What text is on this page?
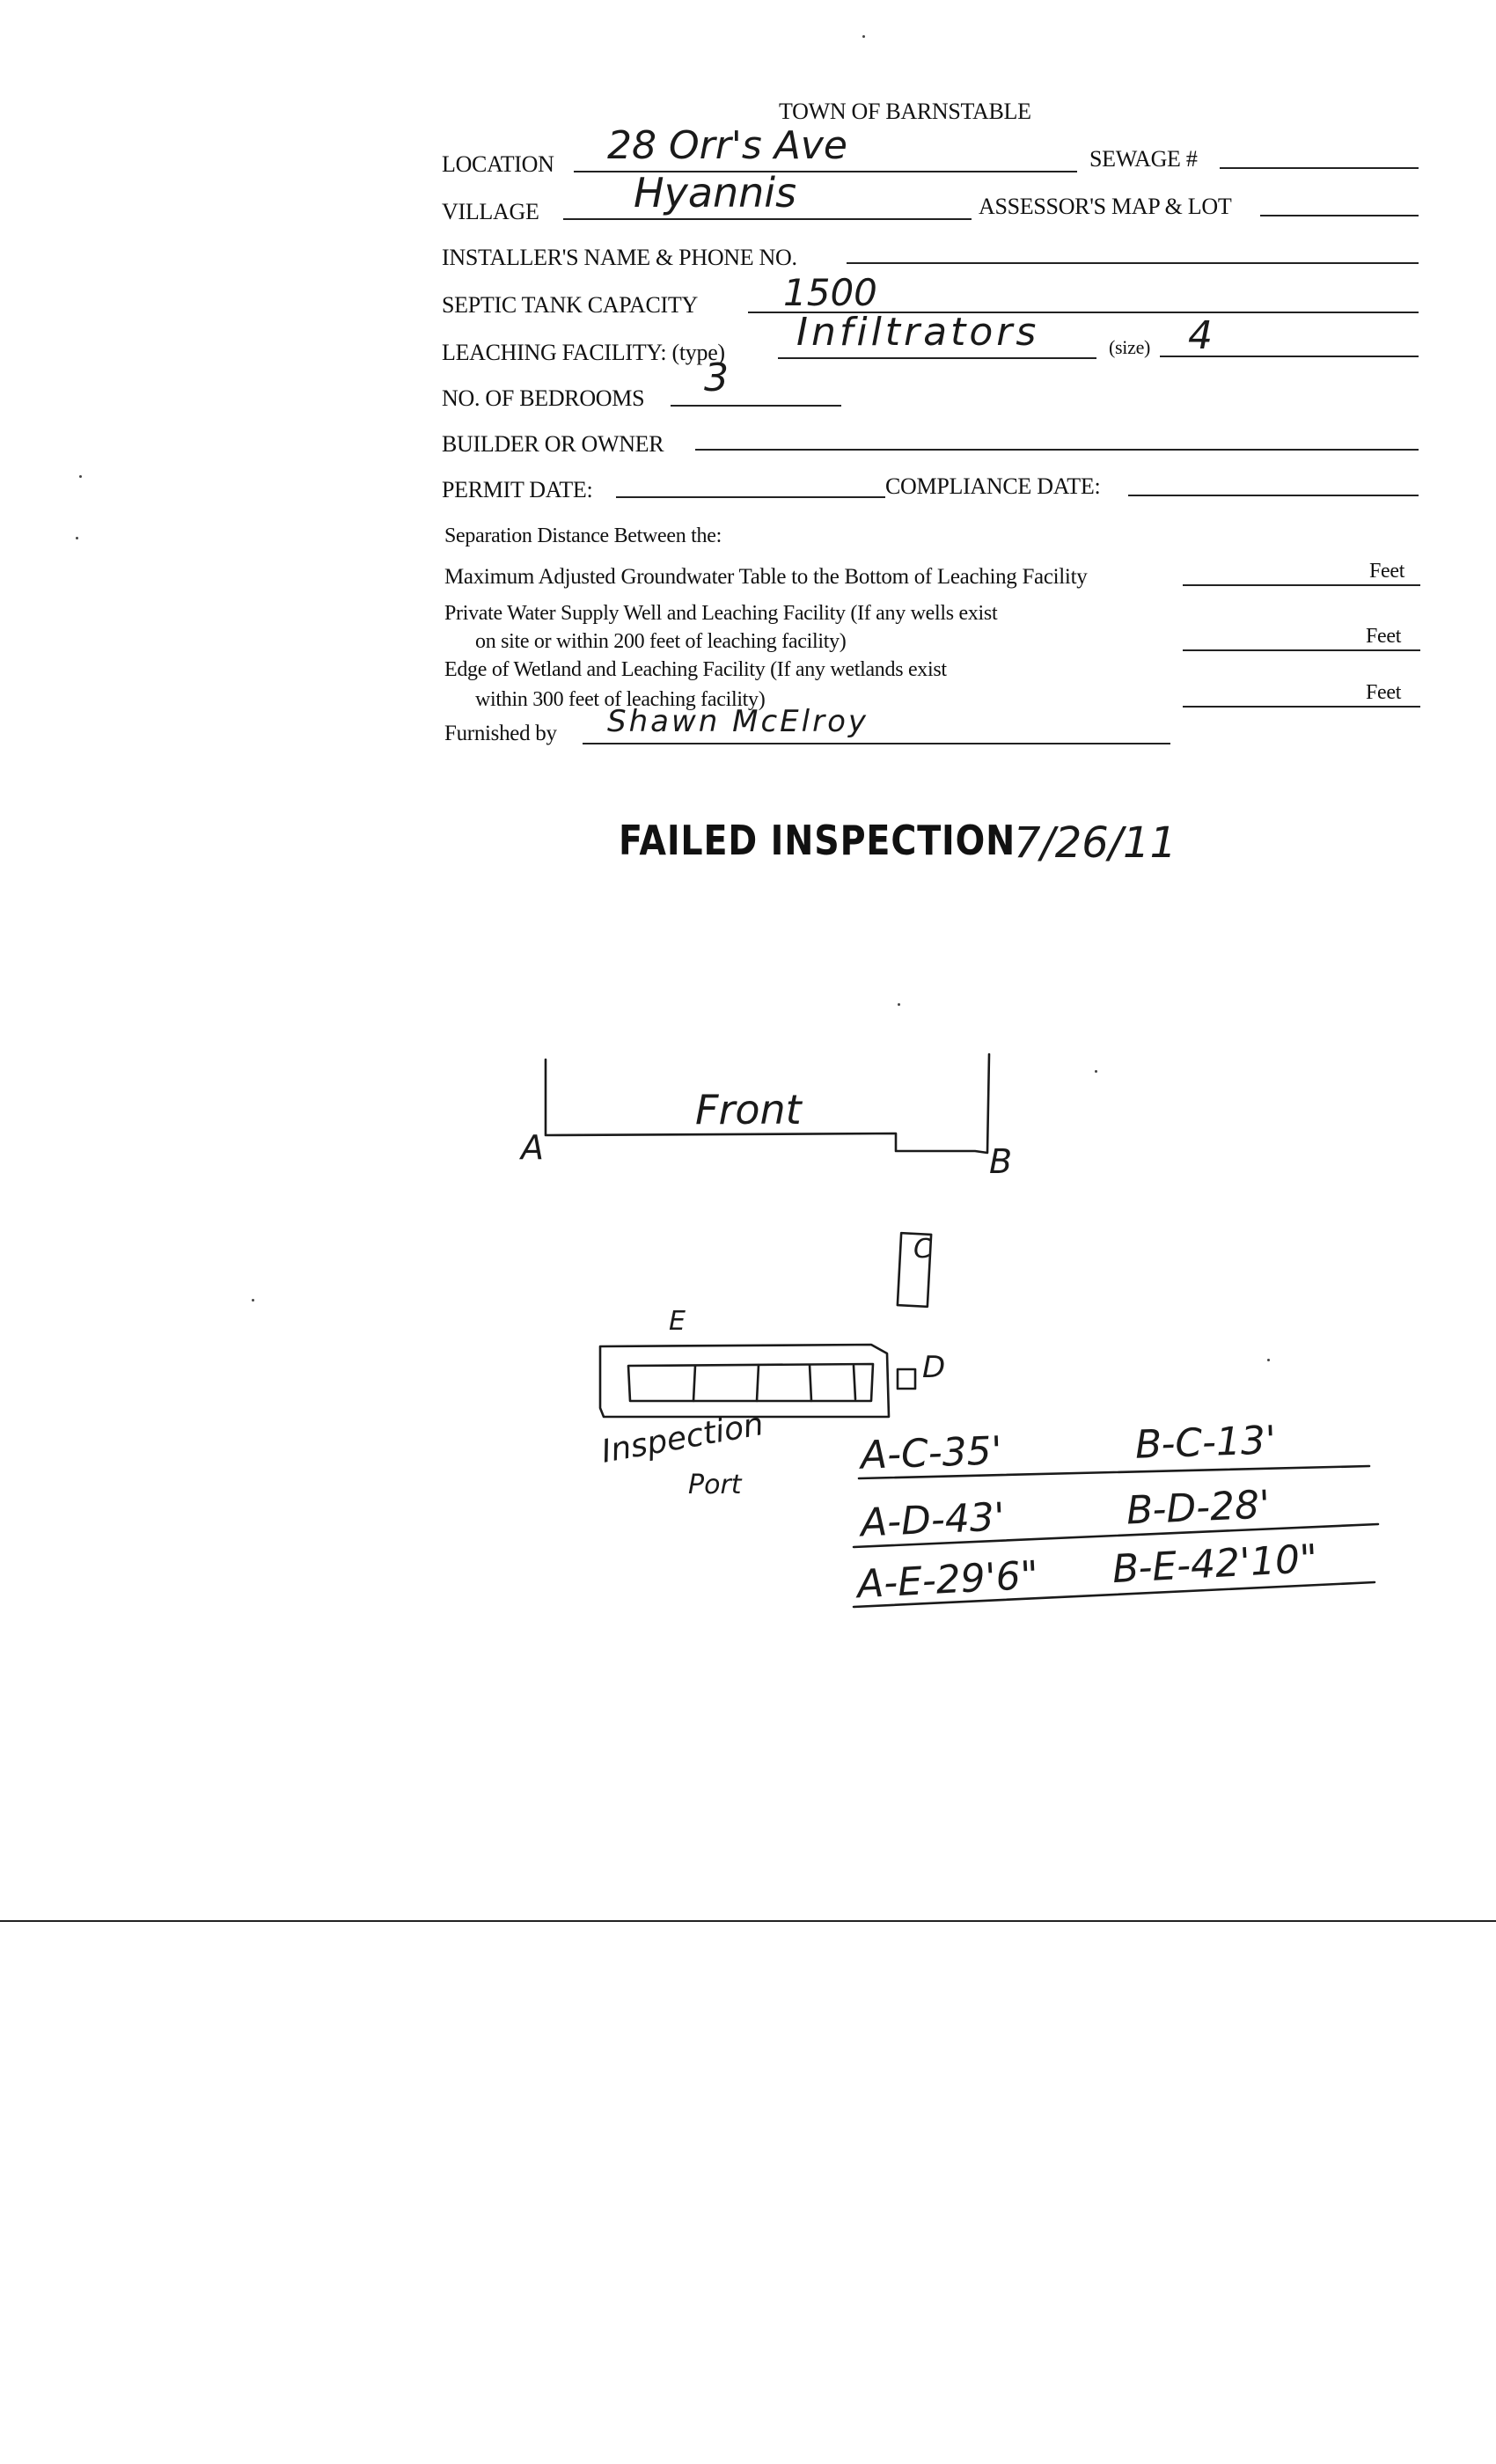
TOWN OF BARNSTABLE
LOCATION 28 Orr's Ave	SEWAGE #
VILLAGE Hyannis	ASSESSOR'S MAP & LOT
INSTALLER'S NAME & PHONE NO.
SEPTIC TANK CAPACITY 1500
LEACHING FACILITY: (type) Infiltrators	(size) 4
NO. OF BEDROOMS 3
BUILDER OR OWNER
PERMIT DATE:	COMPLIANCE DATE:
Separation Distance Between the:
Maximum Adjusted Groundwater Table to the Bottom of Leaching Facility	Feet
Private Water Supply Well and Leaching Facility (If any wells exist
on site or within 200 feet of leaching facility)	Feet
Edge of Wetland and Leaching Facility (If any wetlands exist
within 300 feet of leaching facility)	Feet
Furnished by Shawn McElroy
FAILED INSPECTION
7/26/11
Front
A	B
C
D
E
Inspection
Port
A-C-35'	B-C-13'
A-D-43'	B-D-28'
A-E-29'6" B-E-42'10"
